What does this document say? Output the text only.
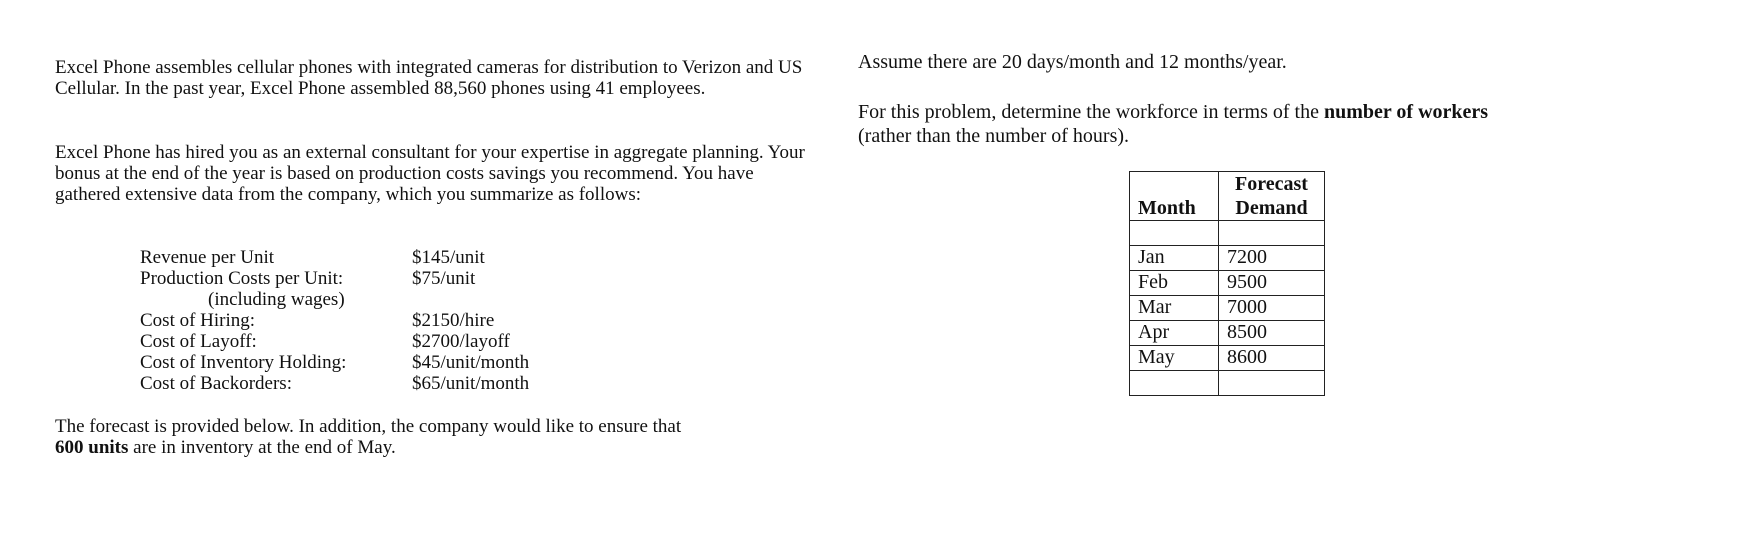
Excel Phone assembles cellular phones with integrated cameras for distribution to Verizon and US Cellular. In the past year, Excel Phone assembled 88,560 phones using 41 employees.
Excel Phone has hired you as an external consultant for your expertise in aggregate planning. Your bonus at the end of the year is based on production costs savings you recommend. You have gathered extensive data from the company, which you summarize as follows:
Revenue per Unit	$145/unit
Production Costs per Unit:	$75/unit
(including wages)
Cost of Hiring:	$2150/hire
Cost of Layoff:	$2700/layoff
Cost of Inventory Holding:	$45/unit/month
Cost of Backorders:	$65/unit/month
The forecast is provided below. In addition, the company would like to ensure that
600 units are in inventory at the end of May.
Assume there are 20 days/month and 12 months/year.
For this problem, determine the workforce in terms of the number of workers
(rather than the number of hours).
Month	Forecast
Demand

Jan	7200
Feb	9500
Mar	7000
Apr	8500
May	8600
